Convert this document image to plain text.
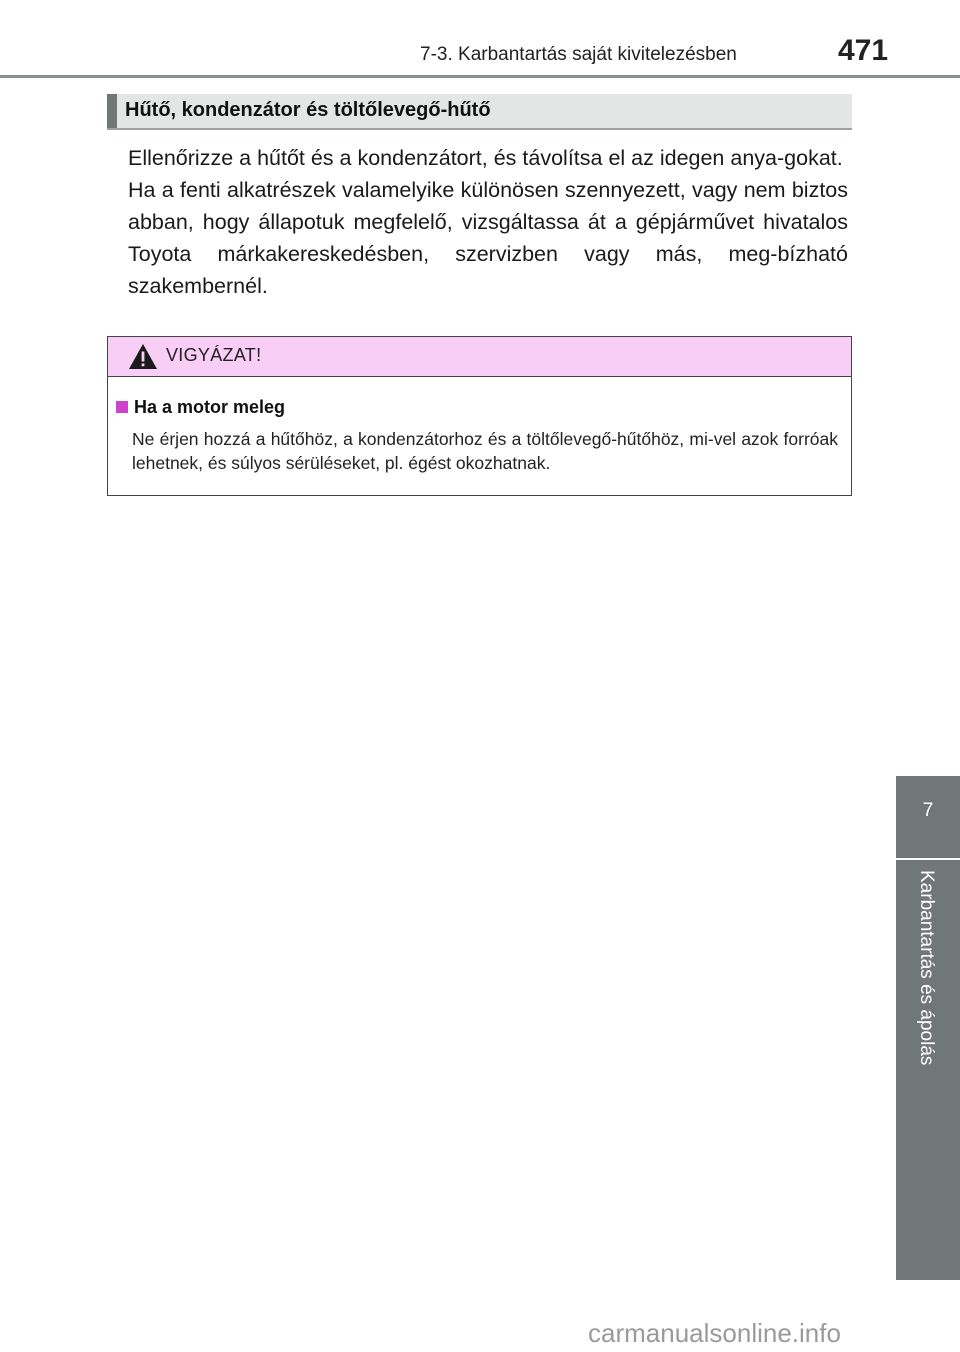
7-3. Karbantartás saját kivitelezésben	471
Hűtő, kondenzátor és töltőlevegő-hűtő

Ellenőrizze a hűtőt és a kondenzátort, és távolítsa el az idegen anya-gokat.

Ha a fenti alkatrészek valamelyike különösen szennyezett, vagy nem biztos abban, hogy állapotuk megfelelő, vizsgáltassa át a gépjárművet hivatalos Toyota márkakereskedésben, szervizben vagy más, meg-bízható szakembernél.

VIGYÁZAT!
Ha a motor meleg
Ne érjen hozzá a hűtőhöz, a kondenzátorhoz és a töltőlevegő-hűtőhöz, mi-vel azok forróak lehetnek, és súlyos sérüléseket, pl. égést okozhatnak.
7
Karbantartás és ápolás
carmanualsonline.info
